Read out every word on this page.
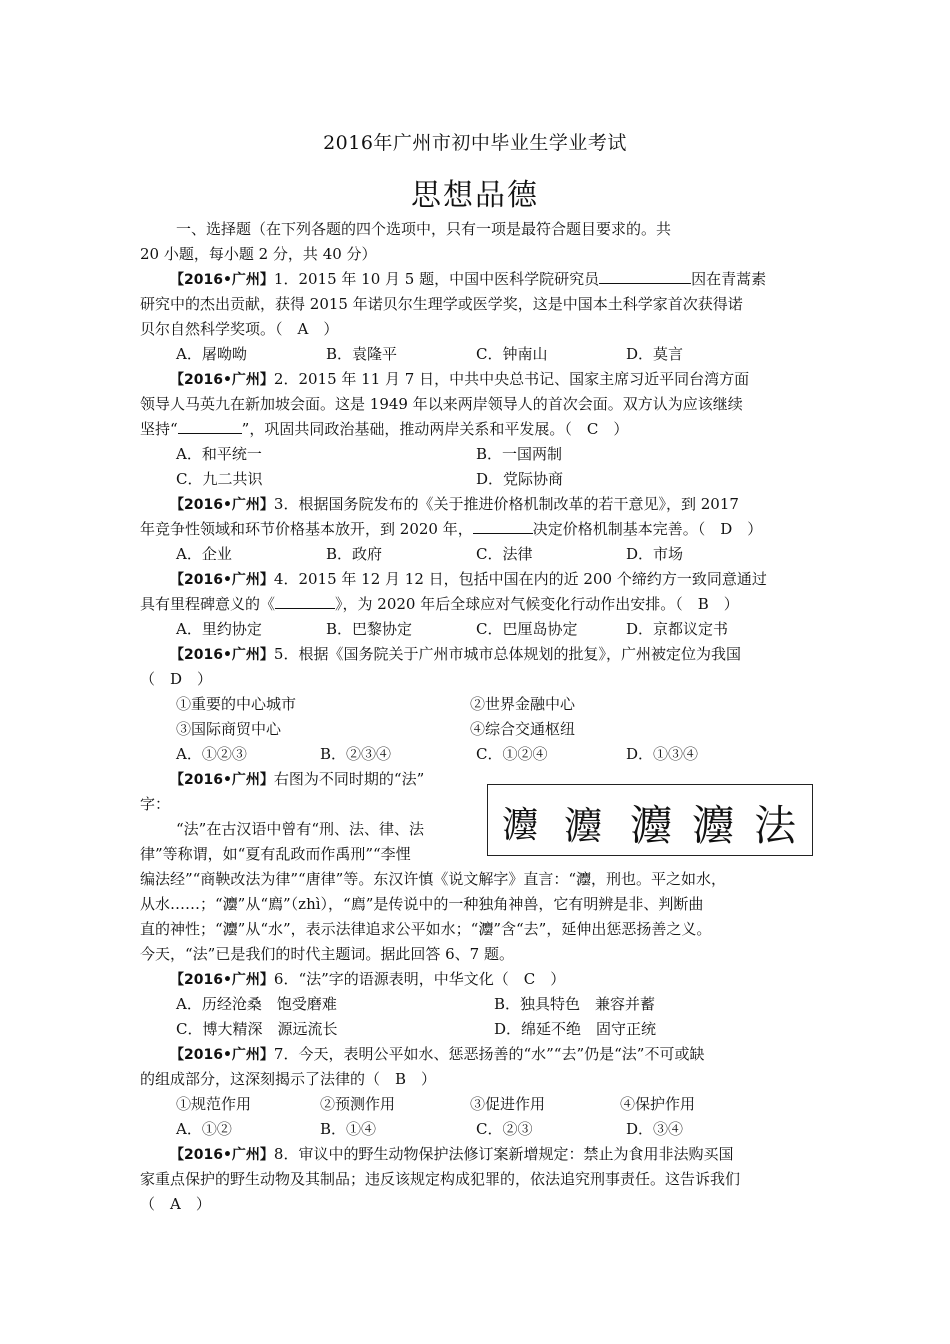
2016年广州市初中毕业生学业考试
思想品德
一、选择题（在下列各题的四个选项中，只有一项是最符合题目要求的。共
20 小题，每小题 2 分，共 40 分）
【2016•广州】1．2015 年 10 月 5 题，中国中医科学院研究员	因在青蒿素
研究中的杰出贡献，获得 2015 年诺贝尔生理学或医学奖，这是中国本土科学家首次获得诺
贝尔自然科学奖项。（　A　）
A．屠呦呦	B．袁隆平	C．钟南山	D．莫言
【2016•广州】2．2015 年 11 月 7 日，中共中央总书记、国家主席习近平同台湾方面
领导人马英九在新加坡会面。这是 1949 年以来两岸领导人的首次会面。双方认为应该继续
坚持“	”，巩固共同政治基础，推动两岸关系和平发展。（　C　）
A．和平统一	B．一国两制
C．九二共识	D．党际协商
【2016•广州】3．根据国务院发布的《关于推进价格机制改革的若干意见》，到 2017
年竞争性领域和环节价格基本放开，到 2020 年，	决定价格机制基本完善。（　D　）
A．企业	B．政府	C．法律	D．市场
【2016•广州】4．2015 年 12 月 12 日，包括中国在内的近 200 个缔约方一致同意通过
具有里程碑意义的《	》，为 2020 年后全球应对气候变化行动作出安排。（　B　）
A．里约协定	B．巴黎协定	C．巴厘岛协定	D．京都议定书
【2016•广州】5．根据《国务院关于广州市城市总体规划的批复》，广州被定位为我国
（　D　）
①重要的中心城市	②世界金融中心
③国际商贸中心	④综合交通枢纽
A．①②③	B．②③④	C．①②④	D．①③④
【2016•广州】右图为不同时期的“法”
字：
灋 灋 灋 灋 法
“法”在古汉语中曾有“刑、法、律、法
律”等称谓，如“夏有乱政而作禹刑”“李悝
编法经”“商鞅改法为律”“唐律”等。东汉许慎《说文解字》直言：“灋，刑也。平之如水，
从水……；“灋”从“廌”（zhì），“廌”是传说中的一种独角神兽，它有明辨是非、判断曲
直的神性；“灋”从“水”，表示法律追求公平如水；“灋”含“去”，延伸出惩恶扬善之义。
今天，“法”已是我们的时代主题词。据此回答 6、7 题。
【2016•广州】6．“法”字的语源表明，中华文化（　C　）
A．历经沧桑　饱受磨难	B．独具特色　兼容并蓄
C．博大精深　源远流长	D．绵延不绝　固守正统
【2016•广州】7．今天，表明公平如水、惩恶扬善的“水”“去”仍是“法”不可或缺
的组成部分，这深刻揭示了法律的（　B　）
①规范作用	②预测作用	③促进作用	④保护作用
A．①②	B．①④	C．②③	D．③④
【2016•广州】8．审议中的野生动物保护法修订案新增规定：禁止为食用非法购买国
家重点保护的野生动物及其制品；违反该规定构成犯罪的，依法追究刑事责任。这告诉我们
（　A　）
